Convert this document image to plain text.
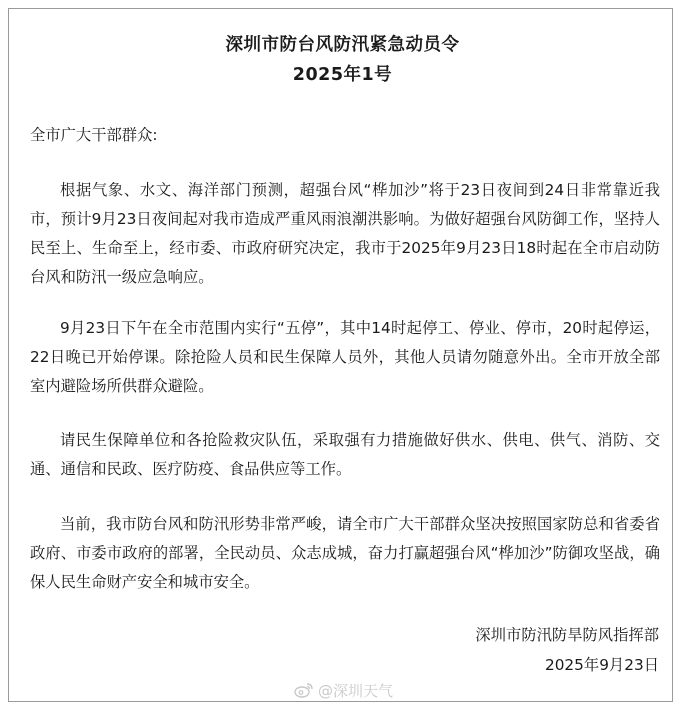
深圳市防台风防汛紧急动员令
2025年1号
全市广大干部群众:

根据气象、水文、海洋部门预测，超强台风“桦加沙”将于23日夜间到24日非常靠近我市，预计9月23日夜间起对我市造成严重风雨浪潮洪影响。为做好超强台风防御工作，坚持人民至上、生命至上，经市委、市政府研究决定，我市于2025年9月23日18时起在全市启动防台风和防汛一级应急响应。

9月23日下午在全市范围内实行“五停”，其中14时起停工、停业、停市，20时起停运，22日晚已开始停课。除抢险人员和民生保障人员外，其他人员请勿随意外出。全市开放全部室内避险场所供群众避险。

请民生保障单位和各抢险救灾队伍，采取强有力措施做好供水、供电、供气、消防、交通、通信和民政、医疗防疫、食品供应等工作。

当前，我市防台风和防汛形势非常严峻，请全市广大干部群众坚决按照国家防总和省委省政府、市委市政府的部署，全民动员、众志成城，奋力打赢超强台风“桦加沙”防御攻坚战，确保人民生命财产安全和城市安全。

深圳市防汛防旱防风指挥部
2025年9月23日
@深圳天气
